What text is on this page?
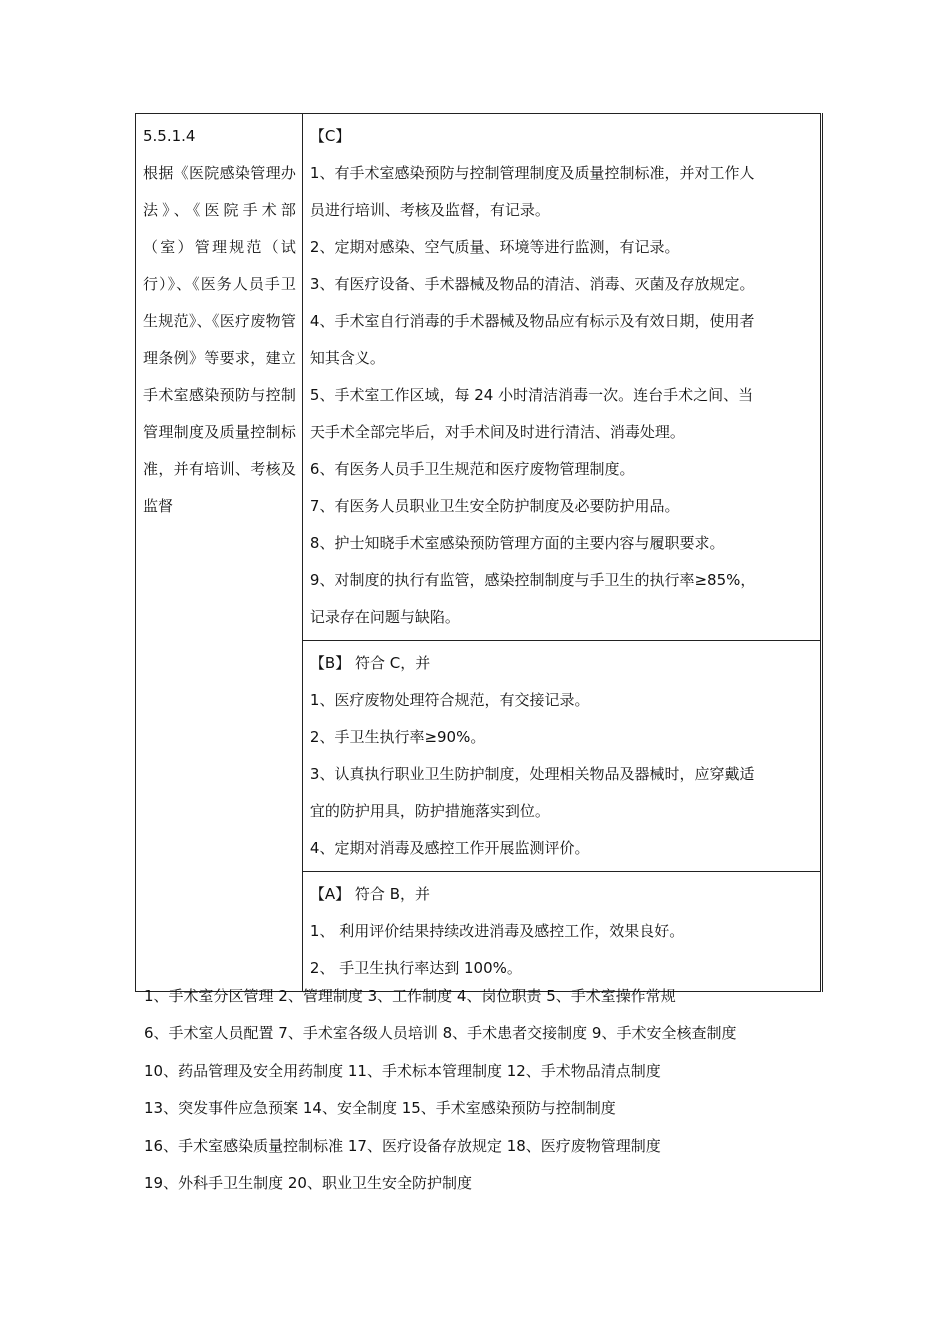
5.5.1.4
根据《医院感染管理办法》、《医院手术部（室）管理规范（试行）》、《医务人员手卫生规范》、《医疗废物管理条例》等要求，建立手术室感染预防与控制管理制度及质量控制标准，并有培训、考核及监督

【C】
1、有手术室感染预防与控制管理制度及质量控制标准，并对工作人
员进行培训、考核及监督，有记录。
2、定期对感染、空气质量、环境等进行监测，有记录。
3、有医疗设备、手术器械及物品的清洁、消毒、灭菌及存放规定。
4、手术室自行消毒的手术器械及物品应有标示及有效日期，使用者
知其含义。
5、手术室工作区域，每 24 小时清洁消毒一次。连台手术之间、当
天手术全部完毕后，对手术间及时进行清洁、消毒处理。
6、有医务人员手卫生规范和医疗废物管理制度。
7、有医务人员职业卫生安全防护制度及必要防护用品。
8、护士知晓手术室感染预防管理方面的主要内容与履职要求。
9、对制度的执行有监管，感染控制制度与手卫生的执行率≥85%，
记录存在问题与缺陷。

【B】 符合 C，并
1、医疗废物处理符合规范，有交接记录。
2、手卫生执行率≥90%。
3、认真执行职业卫生防护制度，处理相关物品及器械时，应穿戴适
宜的防护用具，防护措施落实到位。
4、定期对消毒及感控工作开展监测评价。

【A】 符合 B，并
1、 利用评价结果持续改进消毒及感控工作，效果良好。
2、 手卫生执行率达到 100%。
1、手术室分区管理 2、管理制度 3、工作制度 4、岗位职责 5、手术室操作常规
6、手术室人员配置 7、手术室各级人员培训 8、手术患者交接制度 9、手术安全核查制度
10、药品管理及安全用药制度 11、手术标本管理制度 12、手术物品清点制度
13、突发事件应急预案 14、安全制度 15、手术室感染预防与控制制度
16、手术室感染质量控制标准 17、医疗设备存放规定 18、医疗废物管理制度
19、外科手卫生制度 20、职业卫生安全防护制度
